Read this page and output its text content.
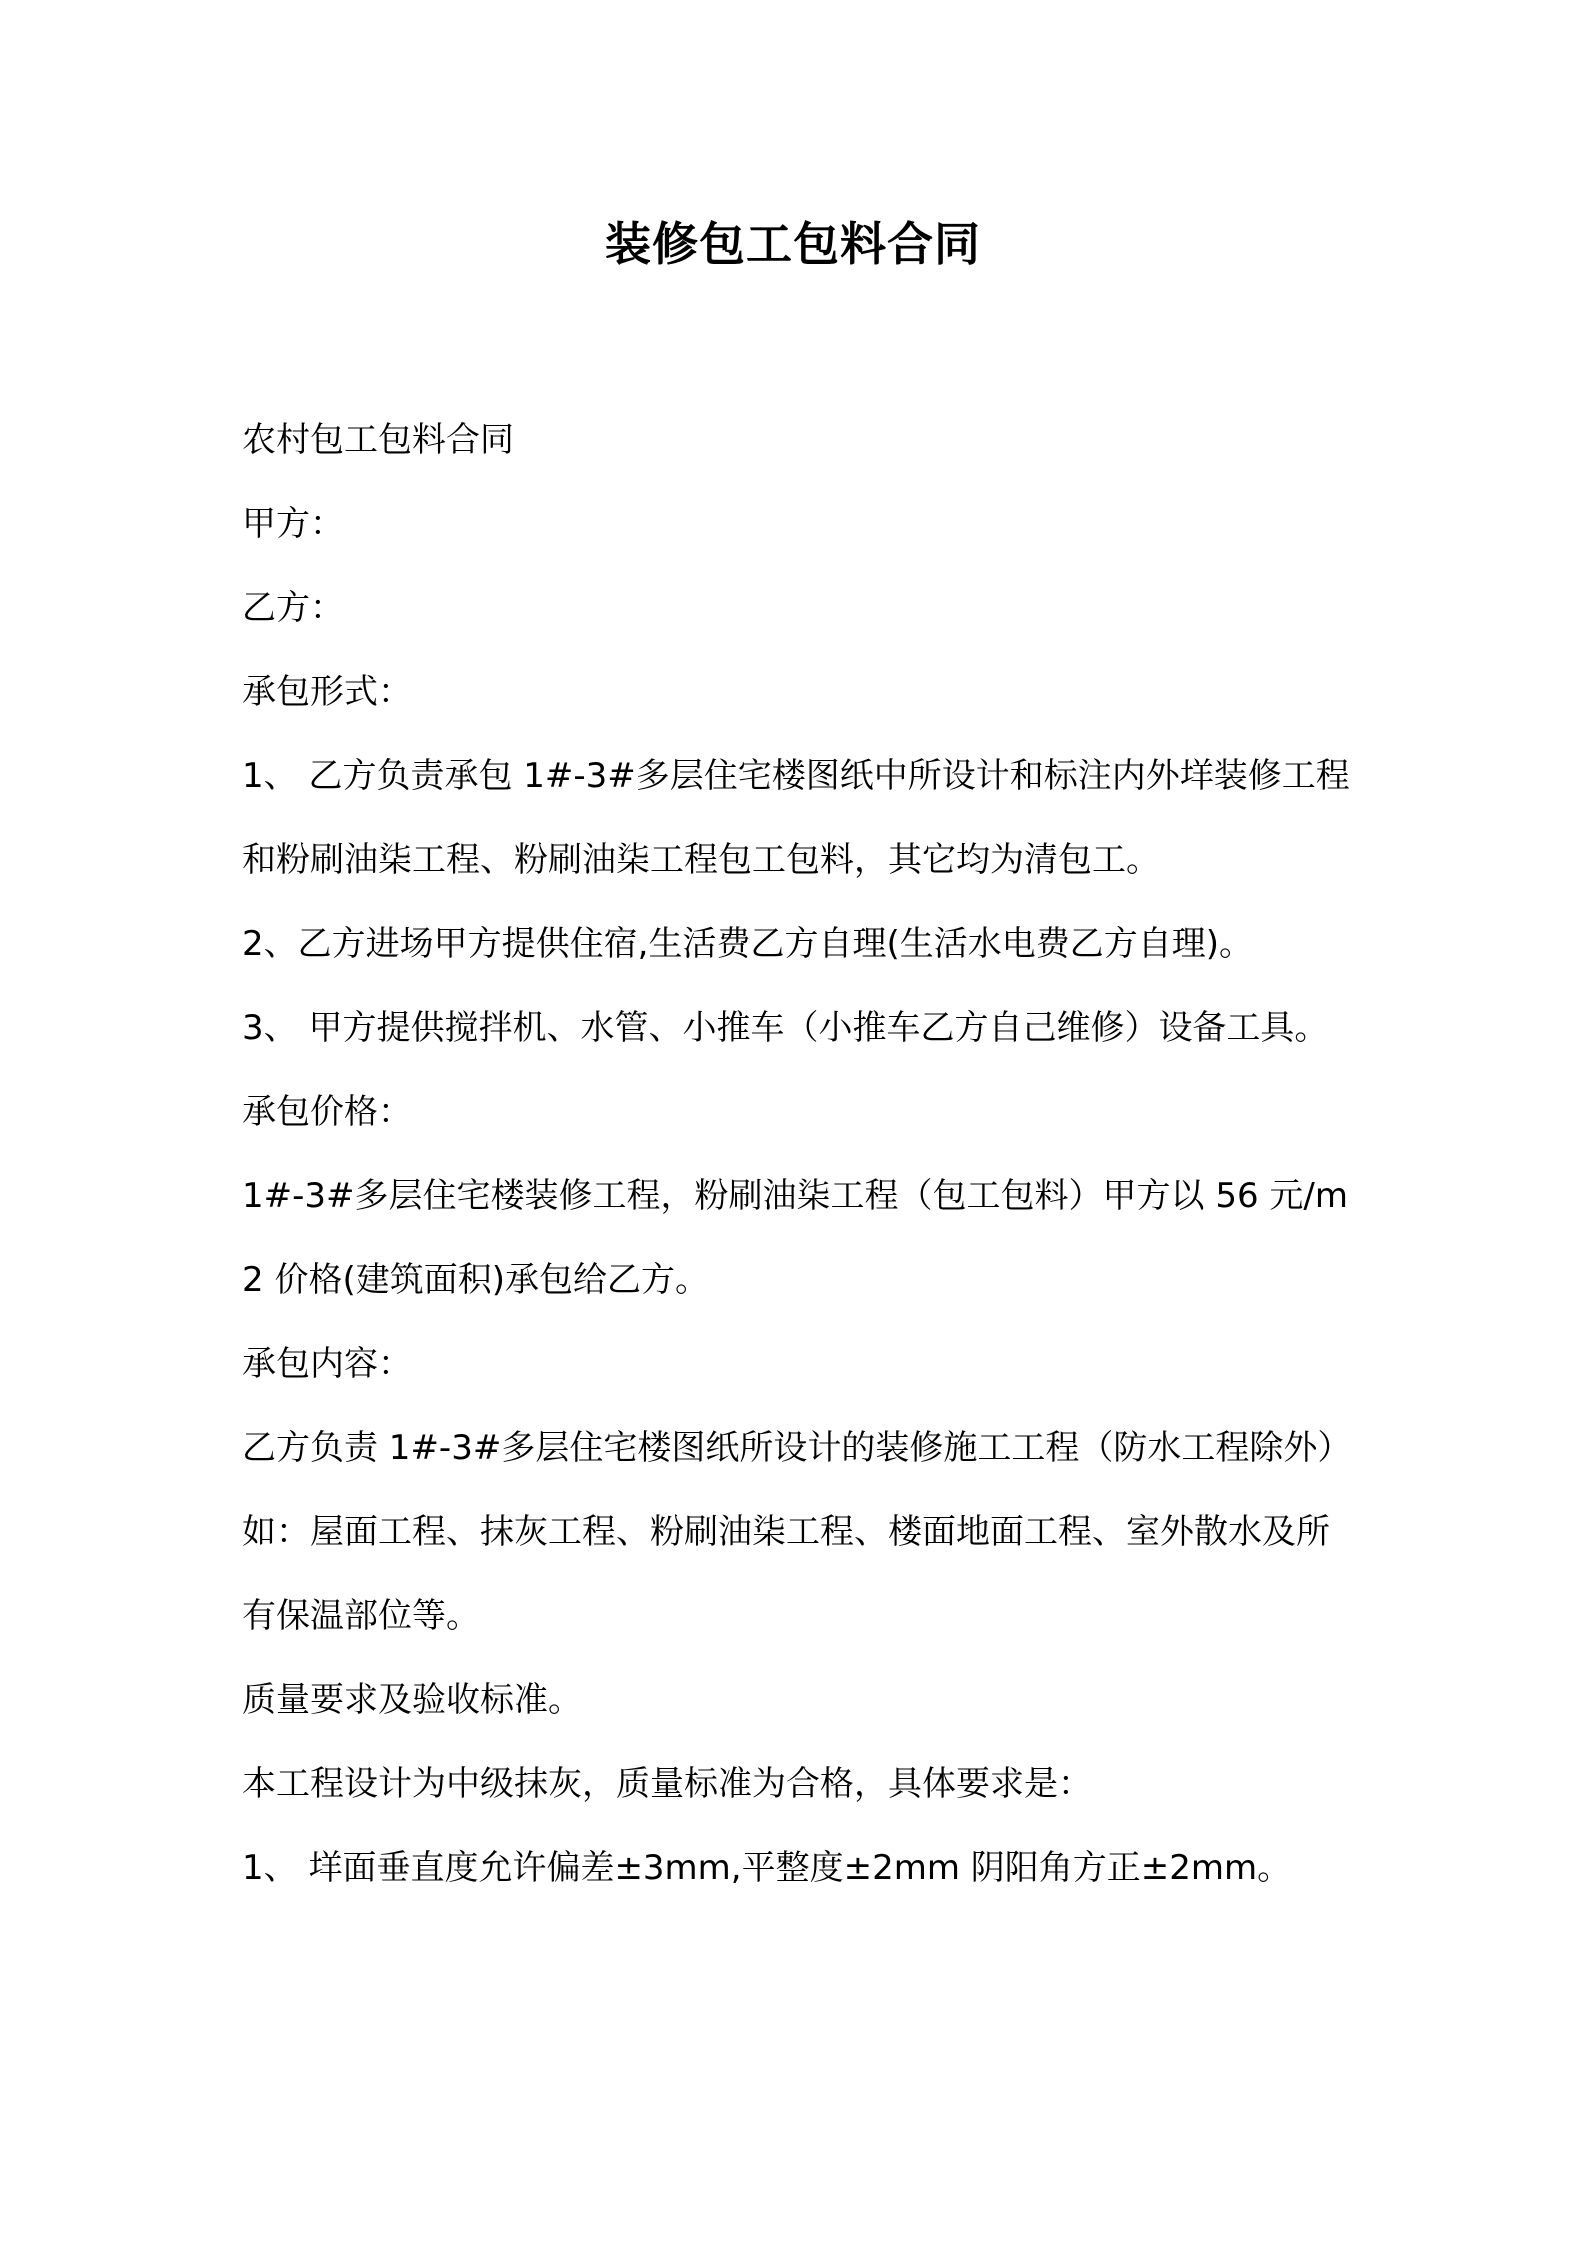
装修包工包料合同

农村包工包料合同

甲方：

乙方：

承包形式：

1、 乙方负责承包 1#-3#多层住宅楼图纸中所设计和标注内外垟装修工程和粉刷油柒工程、粉刷油柒工程包工包料，其它均为清包工。

2、乙方进场甲方提供住宿,生活费乙方自理(生活水电费乙方自理)。

3、 甲方提供搅拌机、水管、小推车（小推车乙方自己维修）设备工具。

承包价格：

1#-3#多层住宅楼装修工程，粉刷油柒工程（包工包料）甲方以 56 元/m2 价格(建筑面积)承包给乙方。

承包内容：

乙方负责 1#-3#多层住宅楼图纸所设计的装修施工工程（防水工程除外）如：屋面工程、抹灰工程、粉刷油柒工程、楼面地面工程、室外散水及所有保温部位等。

质量要求及验收标准。

本工程设计为中级抹灰，质量标准为合格，具体要求是：

1、 垟面垂直度允许偏差±3mm,平整度±2mm 阴阳角方正±2mm。
